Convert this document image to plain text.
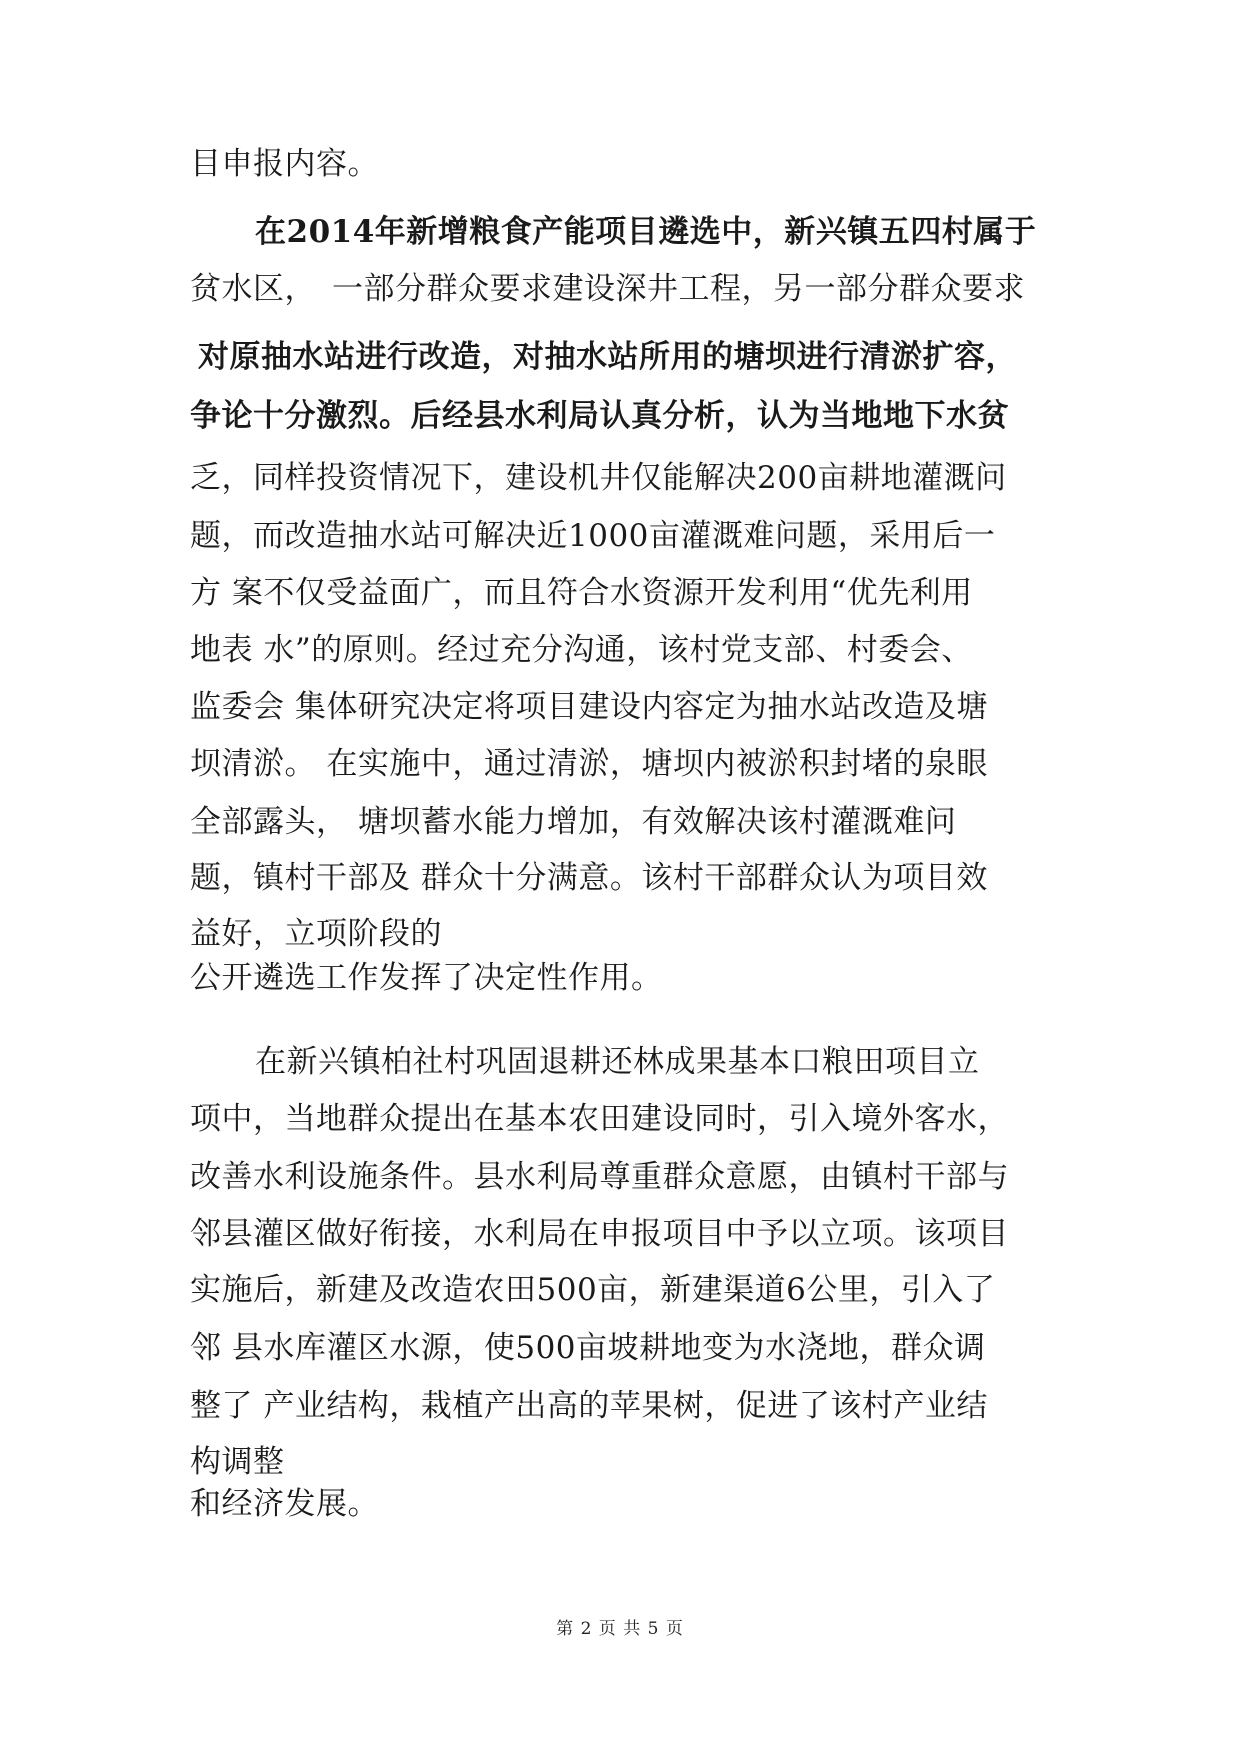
目申报内容。
在2014年新增粮食产能项目遴选中，新兴镇五四村属于
贫水区，　一部分群众要求建设深井工程，另一部分群众要求
对原抽水站进行改造，对抽水站所用的塘坝进行清淤扩容，
争论十分激烈。后经县水利局认真分析，认为当地地下水贫
乏，同样投资情况下，建设机井仅能解决200亩耕地灌溉问
题，而改造抽水站可解决近1000亩灌溉难问题，采用后一
方 案不仅受益面广，而且符合水资源开发利用“优先利用
地表 水”的原则。经过充分沟通，该村党支部、村委会、
监委会 集体研究决定将项目建设内容定为抽水站改造及塘
坝清淤。 在实施中，通过清淤，塘坝内被淤积封堵的泉眼
全部露头， 塘坝蓄水能力增加，有效解决该村灌溉难问
题，镇村干部及 群众十分满意。该村干部群众认为项目效
益好，立项阶段的
公开遴选工作发挥了决定性作用。
在新兴镇柏社村巩固退耕还林成果基本口粮田项目立
项中，当地群众提出在基本农田建设同时，引入境外客水，
改善水利设施条件。县水利局尊重群众意愿，由镇村干部与
邻县灌区做好衔接，水利局在申报项目中予以立项。该项目
实施后，新建及改造农田500亩，新建渠道6公里，引入了
邻 县水库灌区水源，使500亩坡耕地变为水浇地，群众调
整了 产业结构，栽植产出高的苹果树，促进了该村产业结
构调整
和经济发展。
第 2 页 共 5 页
